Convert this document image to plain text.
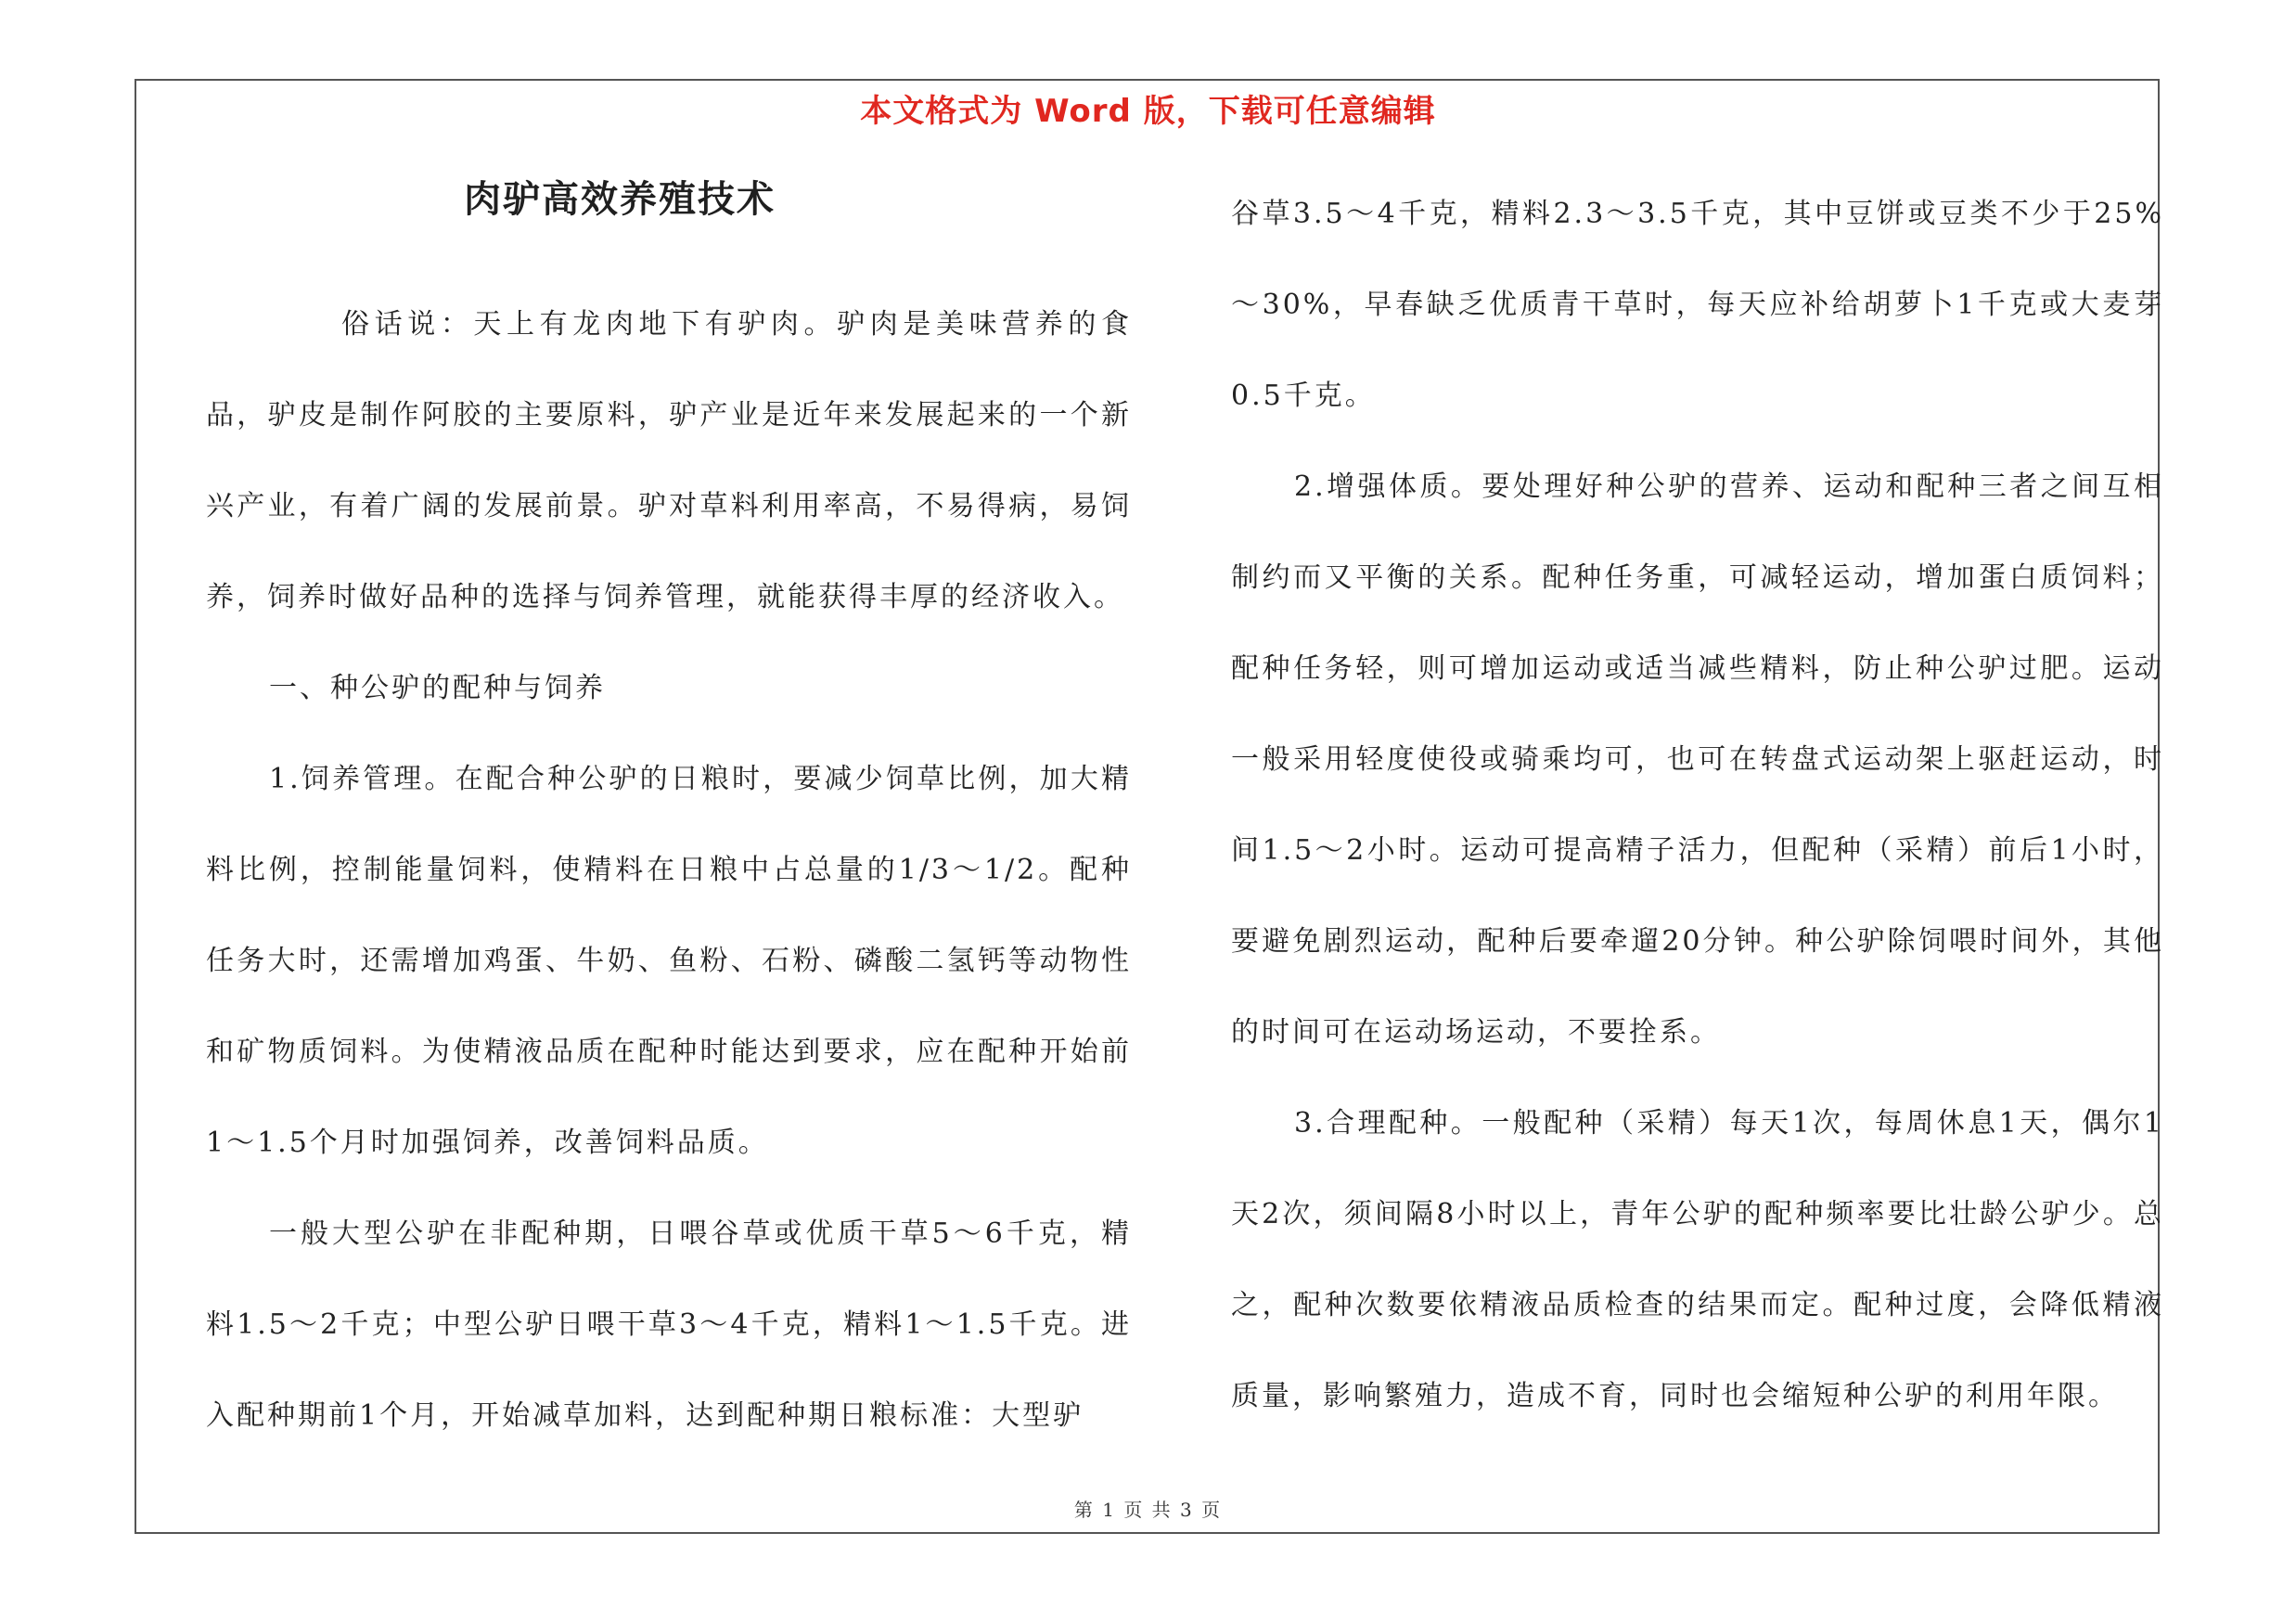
本文格式为 Word 版，下载可任意编辑
肉驴高效养殖技术

俗话说：天上有龙肉地下有驴肉。驴肉是美味营养的食品，驴皮是制作阿胶的主要原料，驴产业是近年来发展起来的一个新兴产业，有着广阔的发展前景。驴对草料利用率高，不易得病，易饲养，饲养时做好品种的选择与饲养管理，就能获得丰厚的经济收入。

一、种公驴的配种与饲养

1.饲养管理。在配合种公驴的日粮时，要减少饲草比例，加大精料比例，控制能量饲料，使精料在日粮中占总量的1/3～1/2。配种任务大时，还需增加鸡蛋、牛奶、鱼粉、石粉、磷酸二氢钙等动物性和矿物质饲料。为使精液品质在配种时能达到要求，应在配种开始前1～1.5个月时加强饲养，改善饲料品质。

一般大型公驴在非配种期，日喂谷草或优质干草5～6千克，精料1.5～2千克；中型公驴日喂干草3～4千克，精料1～1.5千克。进入配种期前1个月，开始减草加料，达到配种期日粮标准：大型驴

谷草3.5～4千克，精料2.3～3.5千克，其中豆饼或豆类不少于25%～30%，早春缺乏优质青干草时，每天应补给胡萝卜1千克或大麦芽0.5千克。

2.增强体质。要处理好种公驴的营养、运动和配种三者之间互相制约而又平衡的关系。配种任务重，可减轻运动，增加蛋白质饲料；配种任务轻，则可增加运动或适当减些精料，防止种公驴过肥。运动一般采用轻度使役或骑乘均可，也可在转盘式运动架上驱赶运动，时间1.5～2小时。运动可提高精子活力，但配种（采精）前后1小时，要避免剧烈运动，配种后要牵遛20分钟。种公驴除饲喂时间外，其他的时间可在运动场运动，不要拴系。

3.合理配种。一般配种（采精）每天1次，每周休息1天，偶尔1天2次，须间隔8小时以上，青年公驴的配种频率要比壮龄公驴少。总之，配种次数要依精液品质检查的结果而定。配种过度，会降低精液质量，影响繁殖力，造成不育，同时也会缩短种公驴的利用年限。

第 1 页 共 3 页
